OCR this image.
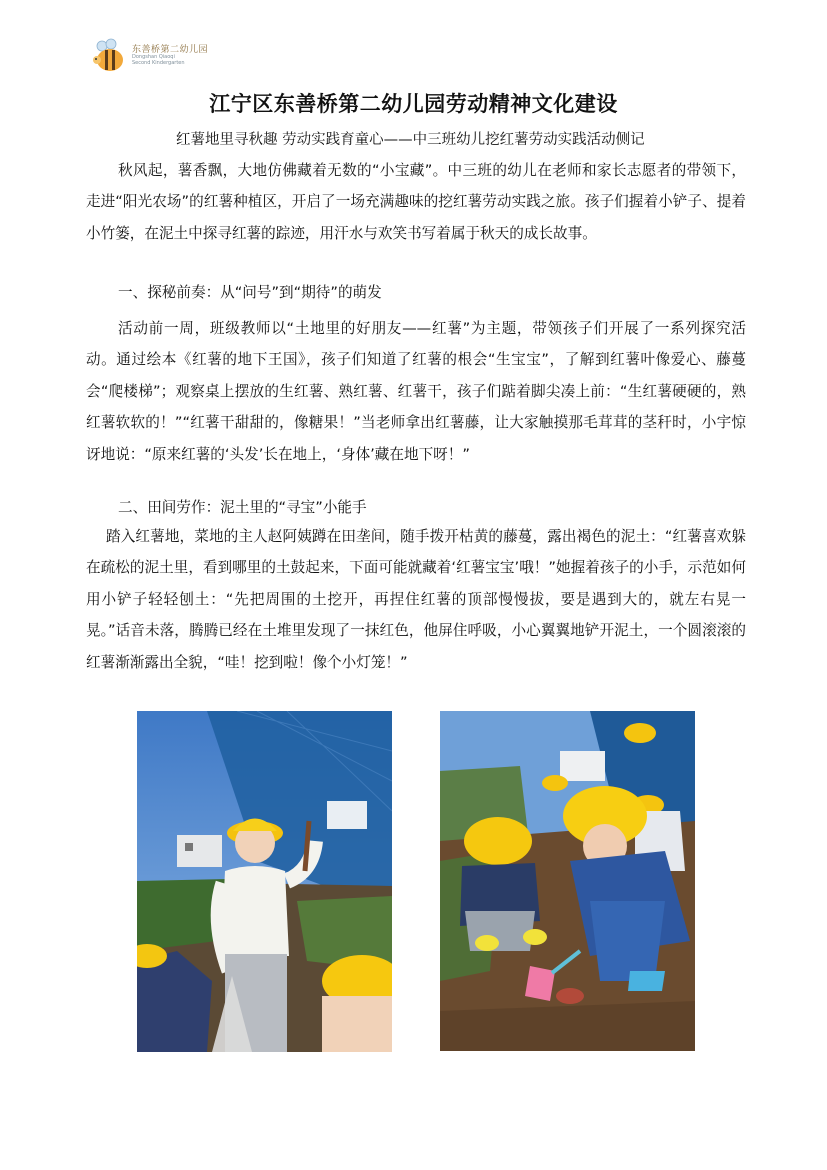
东善桥第二幼儿园
Dongshan Qiaoqi
Second Kindergarten
江宁区东善桥第二幼儿园劳动精神文化建设
红薯地里寻秋趣 劳动实践育童心——中三班幼儿挖红薯劳动实践活动侧记

秋风起，薯香飘，大地仿佛藏着无数的“小宝藏”。中三班的幼儿在老师和家长志愿者的带领下，走进“阳光农场”的红薯种植区，开启了一场充满趣味的挖红薯劳动实践之旅。孩子们握着小铲子、提着小竹篓，在泥土中探寻红薯的踪迹，用汗水与欢笑书写着属于秋天的成长故事。

一、探秘前奏：从“问号”到“期待”的萌发

活动前一周，班级教师以“土地里的好朋友——红薯”为主题，带领孩子们开展了一系列探究活动。通过绘本《红薯的地下王国》，孩子们知道了红薯的根会“生宝宝”，了解到红薯叶像爱心、藤蔓会“爬楼梯”；观察桌上摆放的生红薯、熟红薯、红薯干，孩子们踮着脚尖凑上前：“生红薯硬硬的，熟红薯软软的！”“红薯干甜甜的，像糖果！”当老师拿出红薯藤，让大家触摸那毛茸茸的茎秆时，小宇惊讶地说：“原来红薯的‘头发’长在地上，‘身体’藏在地下呀！”

二、田间劳作：泥土里的“寻宝”小能手

踏入红薯地，菜地的主人赵阿姨蹲在田垄间，随手拨开枯黄的藤蔓，露出褐色的泥土：“红薯喜欢躲在疏松的泥土里，看到哪里的土鼓起来，下面可能就藏着‘红薯宝宝’哦！”她握着孩子的小手，示范如何用小铲子轻轻刨土：“先把周围的土挖开，再捏住红薯的顶部慢慢拔，要是遇到大的，就左右晃一晃。”话音未落，腾腾已经在土堆里发现了一抹红色，他屏住呼吸，小心翼翼地铲开泥土，一个圆滚滚的红薯渐渐露出全貌，“哇！挖到啦！像个小灯笼！”
